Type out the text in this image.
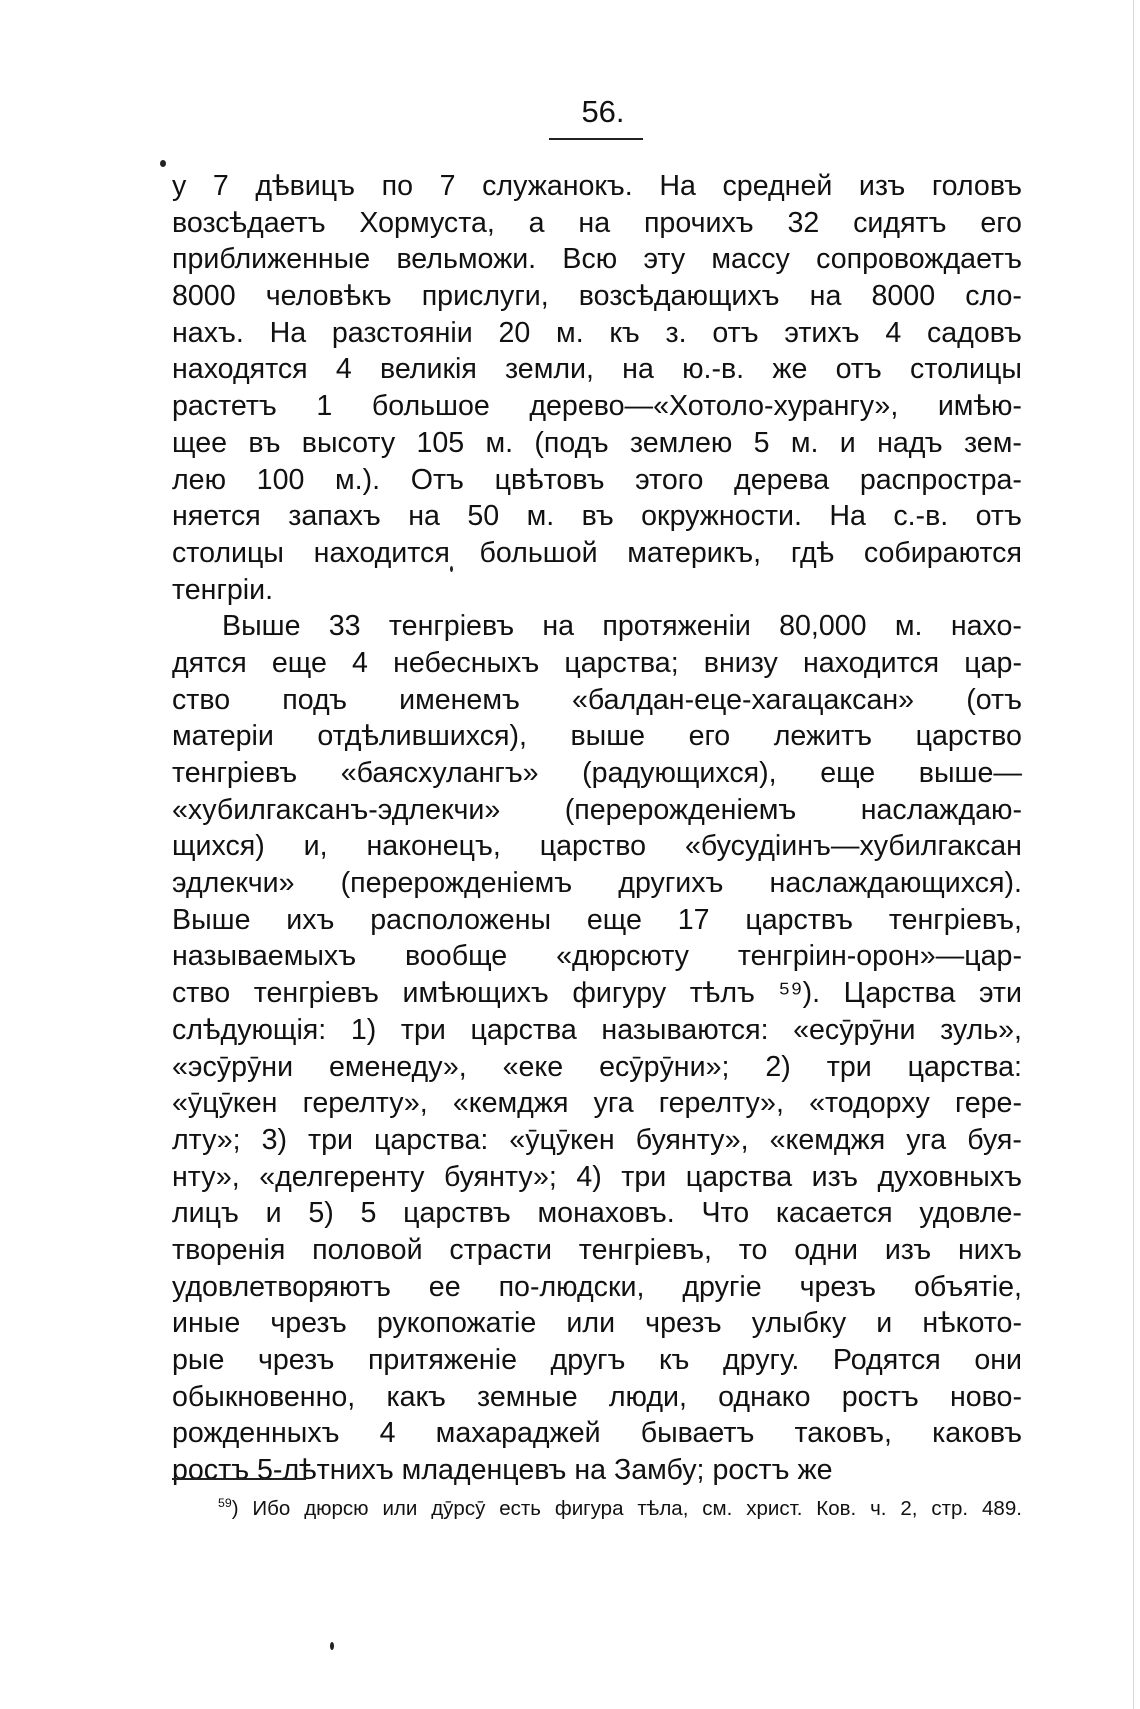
56.
у 7 дѣвицъ по 7 служанокъ. На средней изъ головъ
возсѣдаетъ Хормуста, а на прочихъ 32 сидятъ его
приближенные вельможи. Всю эту массу сопровождаетъ
8000 человѣкъ прислуги, возсѣдающихъ на 8000 сло-
нахъ. На разстояніи 20 м. къ з. отъ этихъ 4 садовъ
находятся 4 великія земли, на ю.-в. же отъ столицы
растетъ 1 большое дерево—«Хотоло-хурангу», имѣю-
щее въ высоту 105 м. (подъ землею 5 м. и надъ зем-
лею 100 м.). Отъ цвѣтовъ этого дерева распростра-
няется запахъ на 50 м. въ окружности. На с.-в. отъ
столицы находится большой материкъ, гдѣ собираются
тенгріи.
Выше 33 тенгріевъ на протяженіи 80,000 м. нахо-
дятся еще 4 небесныхъ царства; внизу находится цар-
ство подъ именемъ «балдан-еце-хагацаксан» (отъ
матеріи отдѣлившихся), выше его лежитъ царство
тенгріевъ «баясхулангъ» (радующихся), еще выше—
«хубилгаксанъ-эдлекчи» (перерожденіемъ наслаждаю-
щихся) и, наконецъ, царство «бусудіинъ—хубилгаксан
эдлекчи» (перерожденіемъ другихъ наслаждающихся).
Выше ихъ расположены еще 17 царствъ тенгріевъ,
называемыхъ вообще «дюрсюту тенгріин-орон»—цар-
ство тенгріевъ имѣющихъ фигуру тѣлъ ⁵⁹). Царства эти
слѣдующія: 1) три царства называются: «есӯрӯни зуль»,
«эсӯрӯни еменеду», «еке есӯрӯни»; 2) три царства:
«ӯцӯкен герелту», «кемджя уга герелту», «тодорху гере-
лту»; 3) три царства: «ӯцӯкен буянту», «кемджя уга буя-
нту», «делгеренту буянту»; 4) три царства изъ духовныхъ
лицъ и 5) 5 царствъ монаховъ. Что касается удовле-
творенія половой страсти тенгріевъ, то одни изъ нихъ
удовлетворяютъ ее по-людски, другіе чрезъ объятіе,
иные чрезъ рукопожатіе или чрезъ улыбку и нѣкото-
рые чрезъ притяженіе другъ къ другу. Родятся они
обыкновенно, какъ земные люди, однако ростъ ново-
рожденныхъ 4 махараджей бываетъ таковъ, каковъ
ростъ
5-лѣтнихъ
младенцевъ
на
Замбу;
ростъ
же
$^{59}$) Ибо дюрсю или дӯрсӯ есть фигура тѣла, см. христ. Ков. ч. 2, стр. 489.
